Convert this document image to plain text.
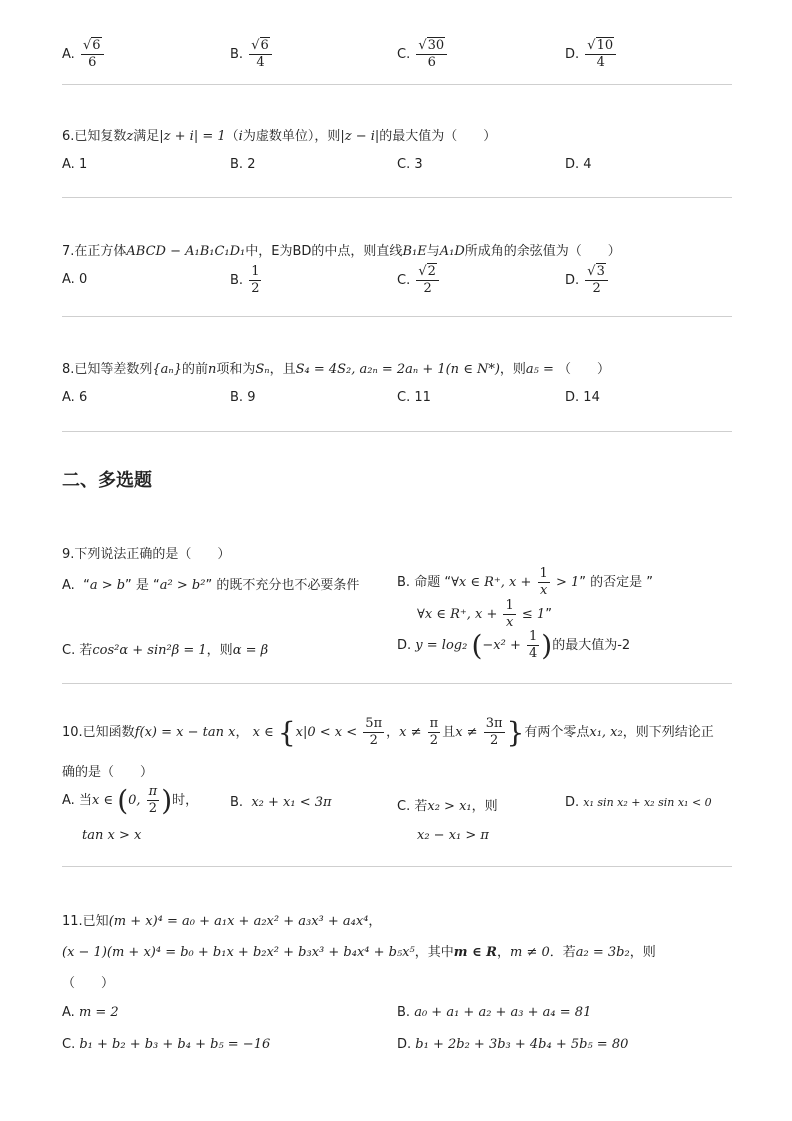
A. $\frac{√6}{6}$	B. $\frac{√6}{4}$	C. $\frac{√30}{6}$	D. $\frac{√10}{4}$
6.已知复数z满足|z + i| = 1（i为虚数单位），则|z − i|的最大值为（　　）
A. 1	B. 2	C. 3	D. 4
7.在正方体ABCD − A₁B₁C₁D₁中，E为BD的中点，则直线B₁E与A₁D所成角的余弦值为（　　）
A. 0	B. $\frac{1}{2}$	C. $\frac{√2}{2}$	D. $\frac{√3}{2}$
8.已知等差数列{aₙ}的前n项和为Sₙ，且S₄ = 4S₂, a₂ₙ = 2aₙ + 1(n ∈ N*)，则a₅ = （　　）
A. 6	B. 9	C. 11	D. 14
二、多选题
9.下列说法正确的是（　　）
A. “a > b” 是 “a² > b²” 的既不充分也不必要条件	B. 命题 “∀x ∈ R⁺, $x + \frac{1}{x} > 1$” 的否定是 ”
∀x ∈ R⁺, $x + \frac{1}{x} \le 1$”
C. 若cos²α + sin²β = 1，则α = β	D. y = log₂ ($-x^2 + \frac{1}{4}$ )的最大值为-2
10.已知函数f(x) = x − tan x， x ∈ {$x|0 < x < \frac{5\pi}{2}$ ，$x \ne \frac{\pi}{2}$ 且$x \ne \frac{3\pi}{2}$ }有两个零点x₁, x₂，则下列结论正
确的是（　　）
A. 当x ∈ (0, $\frac{\pi}{2}$ )时，
tan x > x
B. x₂ + x₁ < 3π	C. 若x₂ > x₁，则
x₂ − x₁ > π
D. x₁ sin x₂ + x₂ sin x₁ < 0
11.已知(m + x)⁴ = a₀ + a₁x + a₂x² + a₃x³ + a₄x⁴，
(x − 1)(m + x)⁴ = b₀ + b₁x + b₂x² + b₃x³ + b₄x⁴ + b₅x⁵，其中m ∈ R，m ≠ 0．若a₂ = 3b₂，则
（　　）
A. m = 2	B. a₀ + a₁ + a₂ + a₃ + a₄ = 81
C. b₁ + b₂ + b₃ + b₄ + b₅ = −16	D. b₁ + 2b₂ + 3b₃ + 4b₄ + 5b₅ = 80
